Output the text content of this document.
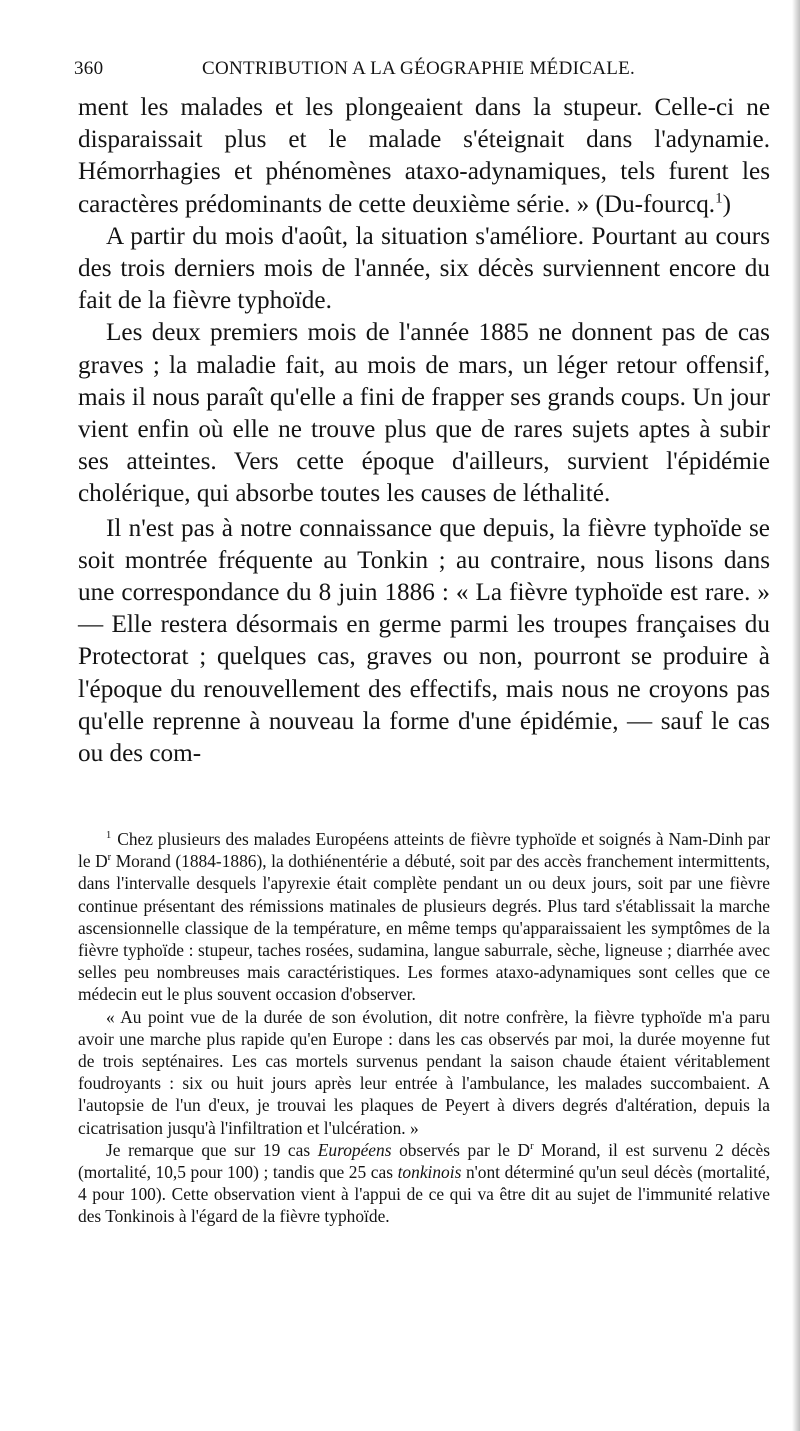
360	CONTRIBUTION A LA GÉOGRAPHIE MÉDICALE.

ment les malades et les plongeaient dans la stupeur. Celle-ci ne disparaissait plus et le malade s'éteignait dans l'adynamie. Hémorrhagies et phénomènes ataxo-adynamiques, tels furent les caractères prédominants de cette deuxième série. » (Du-fourcq.$^1$)

A partir du mois d'août, la situation s'améliore. Pourtant au cours des trois derniers mois de l'année, six décès surviennent encore du fait de la fièvre typhoïde.

Les deux premiers mois de l'année 1885 ne donnent pas de cas graves ; la maladie fait, au mois de mars, un léger retour offensif, mais il nous paraît qu'elle a fini de frapper ses grands coups. Un jour vient enfin où elle ne trouve plus que de rares sujets aptes à subir ses atteintes. Vers cette époque d'ailleurs, survient l'épidémie cholérique, qui absorbe toutes les causes de léthalité.

Il n'est pas à notre connaissance que depuis, la fièvre typhoïde se soit montrée fréquente au Tonkin ; au contraire, nous lisons dans une correspondance du 8 juin 1886 : « La fièvre typhoïde est rare. » — Elle restera désormais en germe parmi les troupes françaises du Protectorat ; quelques cas, graves ou non, pourront se produire à l'époque du renouvellement des effectifs, mais nous ne croyons pas qu'elle reprenne à nouveau la forme d'une épidémie, — sauf le cas ou des com-

$^1$ Chez plusieurs des malades Européens atteints de fièvre typhoïde et soignés à Nam-Dinh par le $D^r$ Morand (1884-1886), la dothiénentérie a débuté, soit par des accès franchement intermittents, dans l'intervalle desquels l'apyrexie était complète pendant un ou deux jours, soit par une fièvre continue présentant des rémissions matinales de plusieurs degrés. Plus tard s'établissait la marche ascensionnelle classique de la température, en même temps qu'apparaissaient les symptômes de la fièvre typhoïde : stupeur, taches rosées, sudamina, langue saburrale, sèche, ligneuse ; diarrhée avec selles peu nombreuses mais caractéristiques. Les formes ataxo-adynamiques sont celles que ce médecin eut le plus souvent occasion d'observer.

« Au point vue de la durée de son évolution, dit notre confrère, la fièvre typhoïde m'a paru avoir une marche plus rapide qu'en Europe : dans les cas observés par moi, la durée moyenne fut de trois septénaires. Les cas mortels survenus pendant la saison chaude étaient véritablement foudroyants : six ou huit jours après leur entrée à l'ambulance, les malades succombaient. A l'autopsie de l'un d'eux, je trouvai les plaques de Peyert à divers degrés d'altération, depuis la cicatrisation jusqu'à l'infiltration et l'ulcération. »

Je remarque que sur 19 cas Européens observés par le $D^r$ Morand, il est survenu 2 décès (mortalité, 10,5 pour 100) ; tandis que 25 cas tonkinois n'ont déterminé qu'un seul décès (mortalité, 4 pour 100). Cette observation vient à l'appui de ce qui va être dit au sujet de l'immunité relative des Tonkinois à l'égard de la fièvre typhoïde.
